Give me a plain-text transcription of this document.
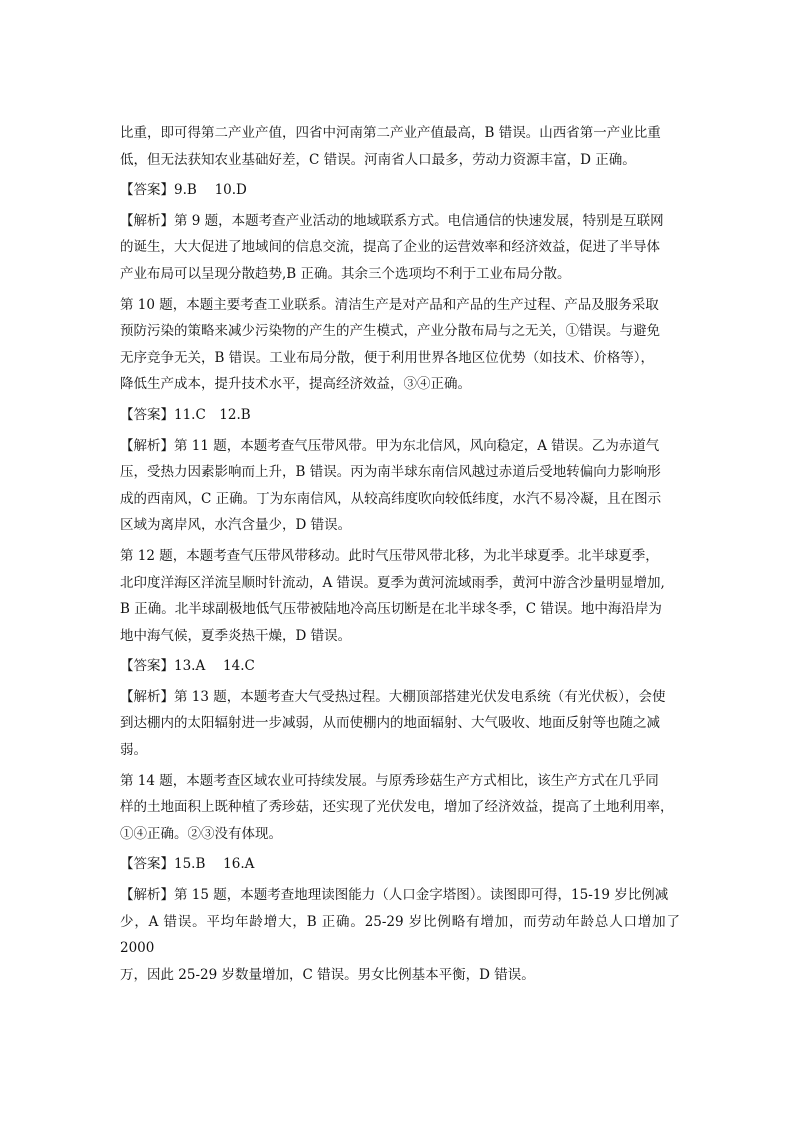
比重，即可得第二产业产值，四省中河南第二产业产值最高，B 错误。山西省第一产业比重
低，但无法获知农业基础好差，C 错误。河南省人口最多，劳动力资源丰富，D 正确。
【答案】9.B　 10.D
【解析】第 9 题，本题考查产业活动的地域联系方式。电信通信的快速发展，特别是互联网
的诞生，大大促进了地域间的信息交流，提高了企业的运营效率和经济效益，促进了半导体
产业布局可以呈现分散趋势,B 正确。其余三个选项均不利于工业布局分散。
第 10 题，本题主要考查工业联系。清洁生产是对产品和产品的生产过程、产品及服务采取
预防污染的策略来减少污染物的产生的产生模式，产业分散布局与之无关，①错误。与避免
无序竞争无关，B 错误。工业布局分散，便于利用世界各地区位优势（如技术、价格等），
降低生产成本，提升技术水平，提高经济效益，③④正确。
【答案】11.C　12.B
【解析】第 11 题，本题考查气压带风带。甲为东北信风，风向稳定，A 错误。乙为赤道气
压，受热力因素影响而上升，B 错误。丙为南半球东南信风越过赤道后受地转偏向力影响形
成的西南风，C 正确。丁为东南信风，从较高纬度吹向较低纬度，水汽不易冷凝，且在图示
区域为离岸风，水汽含量少，D 错误。
第 12 题，本题考查气压带风带移动。此时气压带风带北移，为北半球夏季。北半球夏季，
北印度洋海区洋流呈顺时针流动，A 错误。夏季为黄河流域雨季，黄河中游含沙量明显增加,
B 正确。北半球副极地低气压带被陆地冷高压切断是在北半球冬季，C 错误。地中海沿岸为
地中海气候，夏季炎热干燥，D 错误。
【答案】13.A　 14.C
【解析】第 13 题，本题考查大气受热过程。大棚顶部搭建光伏发电系统（有光伏板），会使
到达棚内的太阳辐射进一步减弱，从而使棚内的地面辐射、大气吸收、地面反射等也随之减
弱。
第 14 题，本题考查区域农业可持续发展。与原秀珍菇生产方式相比，该生产方式在几乎同
样的土地面积上既种植了秀珍菇，还实现了光伏发电，增加了经济效益，提高了土地利用率，
①④正确。②③没有体现。
【答案】15.B　 16.A
【解析】第 15 题，本题考查地理读图能力（人口金字塔图）。读图即可得，15-19 岁比例减
少，A 错误。平均年龄增大，B 正确。25-29 岁比例略有增加，而劳动年龄总人口增加了 2000
万，因此 25-29 岁数量增加，C 错误。男女比例基本平衡，D 错误。
